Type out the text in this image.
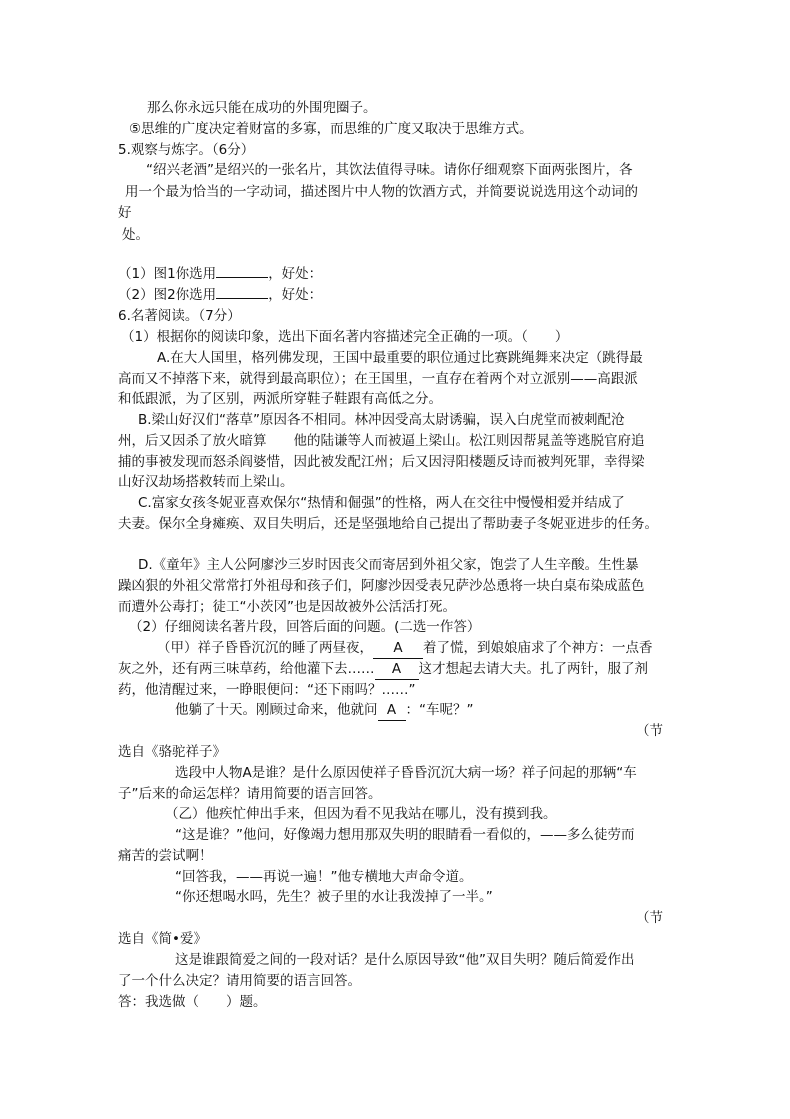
那么你永远只能在成功的外围兜圈子。
⑤思维的广度决定着财富的多寡，而思维的广度又取决于思维方式。
5.观察与炼字。（6分）
“绍兴老酒”是绍兴的一张名片，其饮法值得寻味。请你仔细观察下面两张图片，各
用一个最为恰当的一字动词，描述图片中人物的饮酒方式，并简要说说选用这个动词的
好
处。
（1）图1你选用	，好处：
（2）图2你选用	，好处：
6.名著阅读。（7分）
（1）根据你的阅读印象，选出下面名著内容描述完全正确的一项。（　　）
A.在大人国里，格列佛发现，王国中最重要的职位通过比赛跳绳舞来决定（跳得最
高而又不掉落下来，就得到最高职位）；在王国里，一直存在着两个对立派别——高跟派
和低跟派，为了区别，两派所穿鞋子鞋跟有高低之分。
B.梁山好汉们“落草”原因各不相同。林冲因受高太尉诱骗，误入白虎堂而被刺配沧
州，后又因杀了放火暗算　　他的陆谦等人而被逼上梁山。松江则因帮晁盖等逃脱官府追
捕的事被发现而怒杀阎婆惜，因此被发配江州；后又因浔阳楼题反诗而被判死罪，幸得梁
山好汉劫场搭救转而上梁山。
C.富家女孩冬妮亚喜欢保尔“热情和倔强”的性格，两人在交往中慢慢相爱并结成了
夫妻。保尔全身瘫痪、双目失明后，还是坚强地给自己提出了帮助妻子冬妮亚进步的任务。
D.《童年》主人公阿廖沙三岁时因丧父而寄居到外祖父家，饱尝了人生辛酸。生性暴
躁凶狠的外祖父常常打外祖母和孩子们，阿廖沙因受表兄萨沙怂恿将一块白桌布染成蓝色
而遭外公毒打；徒工“小茨冈”也是因故被外公活活打死。
（2）仔细阅读名著片段，回答后面的问题。(二选一作答）
（甲）祥子昏昏沉沉的睡了两昼夜， A 着了慌，到娘娘庙求了个神方：一点香
灰之外，还有两三味草药，给他灌下去…… A 这才想起去请大夫。扎了两针，服了剂
药，他清醒过来，一睁眼便问：“还下雨吗？……”
他躺了十天。刚顾过命来，他就问 A ：“车呢？”
（节
选自《骆驼祥子》
选段中人物A是谁？是什么原因使祥子昏昏沉沉大病一场？祥子问起的那辆“车
子”后来的命运怎样？请用简要的语言回答。
（乙）他疾忙伸出手来，但因为看不见我站在哪儿，没有摸到我。
“这是谁？”他问，好像竭力想用那双失明的眼睛看一看似的，——多么徒劳而
痛苦的尝试啊！
“回答我，——再说一遍！”他专横地大声命令道。
“你还想喝水吗，先生？被子里的水让我泼掉了一半。”
（节
选自《简•爱》
这是谁跟简爱之间的一段对话？是什么原因导致“他”双目失明？随后简爱作出
了一个什么决定？请用简要的语言回答。
答：我选做（　　）题。
